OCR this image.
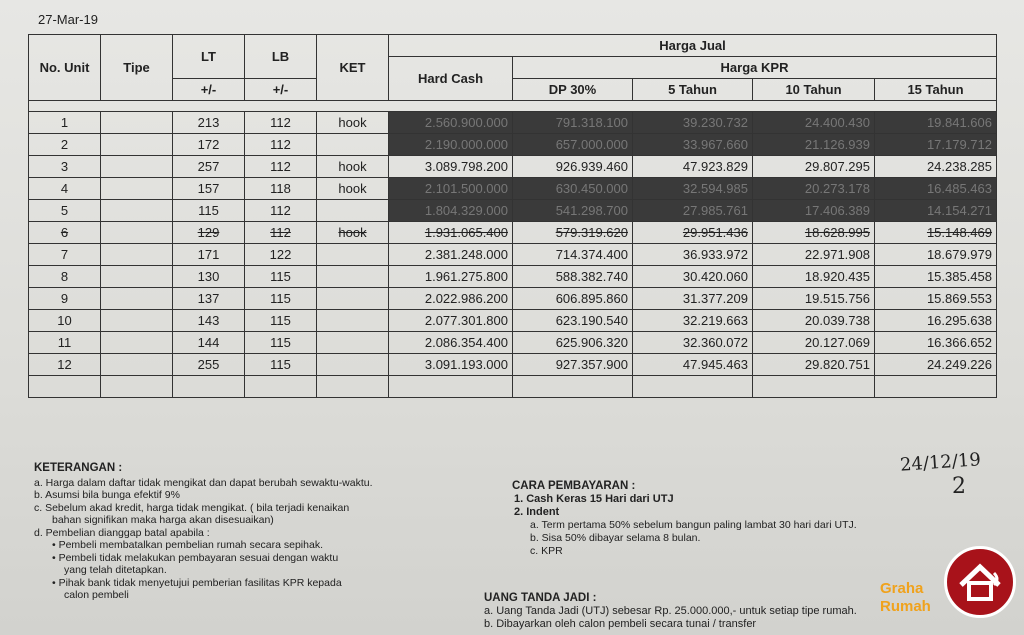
27-Mar-19
No. Unit	Tipe	LT	LB	KET	Harga Jual				
					Hard Cash	Harga KPR			
		+/-	+/-			DP 30%	5 Tahun	10 Tahun	15 Tahun

1		213	112	hook	2.560.900.000	791.318.100	39.230.732	24.400.430	19.841.606
2		172	112		2.190.000.000	657.000.000	33.967.660	21.126.939	17.179.712
3		257	112	hook	3.089.798.200	926.939.460	47.923.829	29.807.295	24.238.285
4		157	118	hook	2.101.500.000	630.450.000	32.594.985	20.273.178	16.485.463
5		115	112		1.804.329.000	541.298.700	27.985.761	17.406.389	14.154.271
6		129	112	hook	1.931.065.400	579.319.620	29.951.436	18.628.995	15.148.469
7		171	122		2.381.248.000	714.374.400	36.933.972	22.971.908	18.679.979
8		130	115		1.961.275.800	588.382.740	30.420.060	18.920.435	15.385.458
9		137	115		2.022.986.200	606.895.860	31.377.209	19.515.756	15.869.553
10		143	115		2.077.301.800	623.190.540	32.219.663	20.039.738	16.295.638
11		144	115		2.086.354.400	625.906.320	32.360.072	20.127.069	16.366.652
12		255	115		3.091.193.000	927.357.900	47.945.463	29.820.751	24.249.226

KETERANGAN :
a. Harga dalam daftar tidak mengikat dan dapat berubah sewaktu-waktu.
b. Asumsi bila bunga efektif 9%
c. Sebelum akad kredit, harga tidak mengikat. ( bila terjadi kenaikan
bahan signifikan maka harga akan disesuaikan)
d. Pembelian dianggap batal apabila :
• Pembeli membatalkan pembelian rumah secara sepihak.
• Pembeli tidak melakukan pembayaran sesuai dengan waktu
yang telah ditetapkan.
• Pihak bank tidak menyetujui pemberian fasilitas KPR kepada
calon pembeli
CARA PEMBAYARAN :
1. Cash Keras 15 Hari dari UTJ
2. Indent
a. Term pertama 50% sebelum bangun paling lambat 30 hari dari UTJ.
b. Sisa 50% dibayar selama 8 bulan.
c. KPR
UANG TANDA JADI :
a. Uang Tanda Jadi (UTJ) sebesar Rp. 25.000.000,- untuk setiap tipe rumah.
b. Dibayarkan oleh calon pembeli secara tunai / transfer
24/12/19
2
Graha
Rumah
